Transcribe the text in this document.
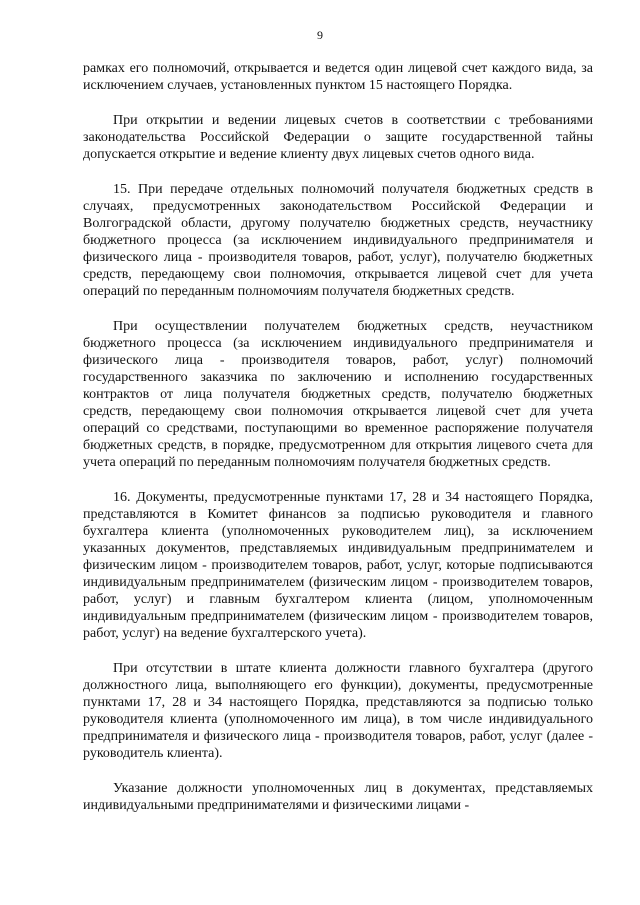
9

рамках его полномочий, открывается и ведется один лицевой счет каждого вида, за исключением случаев, установленных пунктом 15 настоящего Порядка.

При открытии и ведении лицевых счетов в соответствии с требованиями законодательства Российской Федерации о защите государственной тайны допускается открытие и ведение клиенту двух лицевых счетов одного вида.

15. При передаче отдельных полномочий получателя бюджетных средств в случаях, предусмотренных законодательством Российской Федерации и Волгоградской области, другому получателю бюджетных средств, неучастнику бюджетного процесса (за исключением индивидуального предпринимателя и физического лица - производителя товаров, работ, услуг), получателю бюджетных средств, передающему свои полномочия, открывается лицевой счет для учета операций по переданным полномочиям получателя бюджетных средств.

При осуществлении получателем бюджетных средств, неучастником бюджетного процесса (за исключением индивидуального предпринимателя и физического лица - производителя товаров, работ, услуг) полномочий государственного заказчика по заключению и исполнению государственных контрактов от лица получателя бюджетных средств, получателю бюджетных средств, передающему свои полномочия открывается лицевой счет для учета операций со средствами, поступающими во временное распоряжение получателя бюджетных средств, в порядке, предусмотренном для открытия лицевого счета для учета операций по переданным полномочиям получателя бюджетных средств.

16. Документы, предусмотренные пунктами 17, 28 и 34 настоящего Порядка, представляются в Комитет финансов за подписью руководителя и главного бухгалтера клиента (уполномоченных руководителем лиц), за исключением указанных документов, представляемых индивидуальным предпринимателем и физическим лицом - производителем товаров, работ, услуг, которые подписываются индивидуальным предпринимателем (физическим лицом - производителем товаров, работ, услуг) и главным бухгалтером клиента (лицом, уполномоченным индивидуальным предпринимателем (физическим лицом - производителем товаров, работ, услуг) на ведение бухгалтерского учета).

При отсутствии в штате клиента должности главного бухгалтера (другого должностного лица, выполняющего его функции), документы, предусмотренные пунктами 17, 28 и 34 настоящего Порядка, представляются за подписью только руководителя клиента (уполномоченного им лица), в том числе индивидуального предпринимателя и физического лица - производителя товаров, работ, услуг (далее - руководитель клиента).

Указание должности уполномоченных лиц в документах, представляемых индивидуальными предпринимателями и физическими лицами -
